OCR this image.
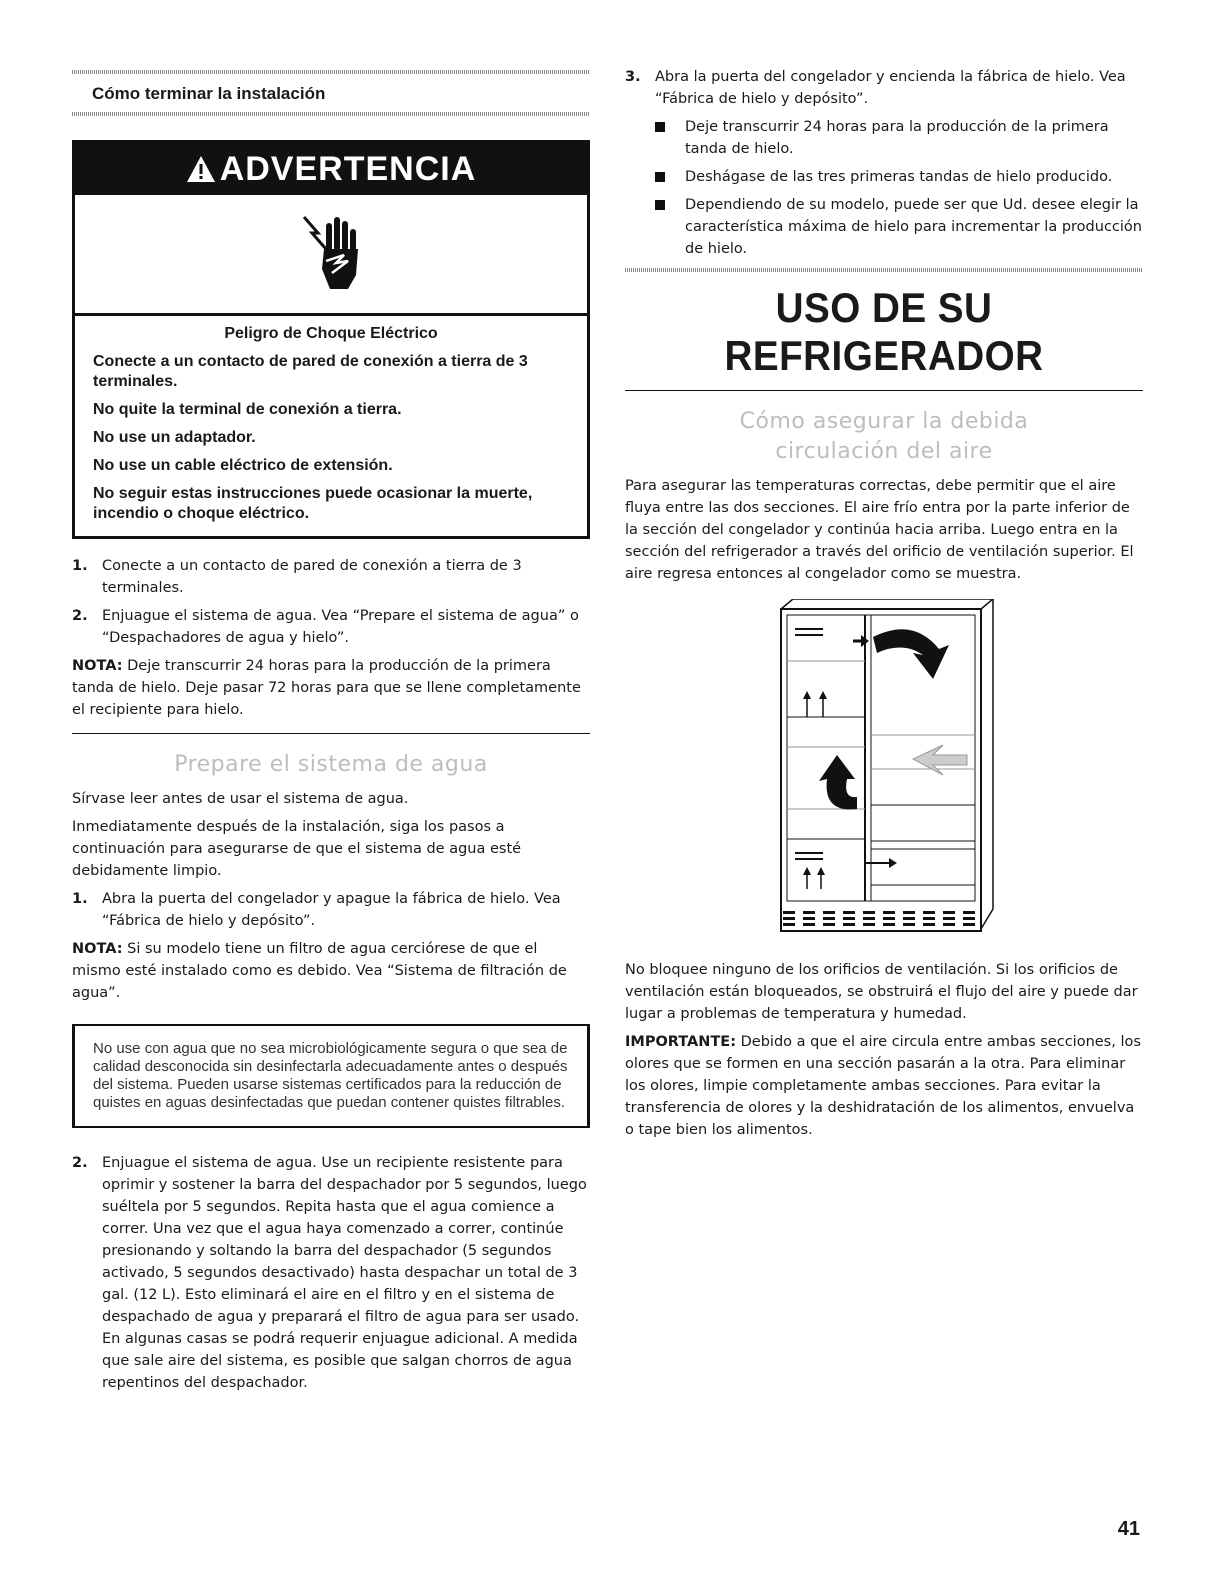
Cómo terminar la instalación
ADVERTENCIA
Peligro de Choque Eléctrico

Conecte a un contacto de pared de conexión a tierra de 3 terminales.

No quite la terminal de conexión a tierra.

No use un adaptador.

No use un cable eléctrico de extensión.

No seguir estas instrucciones puede ocasionar la muerte, incendio o choque eléctrico.

1. Conecte a un contacto de pared de conexión a tierra de 3 terminales.
2. Enjuague el sistema de agua. Vea “Prepare el sistema de agua” o “Despachadores de agua y hielo”.

NOTA: Deje transcurrir 24 horas para la producción de la primera tanda de hielo. Deje pasar 72 horas para que se llene completamente el recipiente para hielo.

Prepare el sistema de agua

Sírvase leer antes de usar el sistema de agua.

Inmediatamente después de la instalación, siga los pasos a continuación para asegurarse de que el sistema de agua esté debidamente limpio.

1. Abra la puerta del congelador y apague la fábrica de hielo. Vea “Fábrica de hielo y depósito”.

NOTA: Si su modelo tiene un filtro de agua cerciórese de que el mismo esté instalado como es debido. Vea “Sistema de filtración de agua”.

No use con agua que no sea microbiológicamente segura o que sea de calidad desconocida sin desinfectarla adecuadamente antes o después del sistema. Pueden usarse sistemas certificados para la reducción de quistes en aguas desinfectadas que puedan contener quistes filtrables.
2. Enjuague el sistema de agua. Use un recipiente resistente para oprimir y sostener la barra del despachador por 5 segundos, luego suéltela por 5 segundos. Repita hasta que el agua comience a correr. Una vez que el agua haya comenzado a correr, continúe presionando y soltando la barra del despachador (5 segundos activado, 5 segundos desactivado) hasta despachar un total de 3 gal. (12 L). Esto eliminará el aire en el filtro y en el sistema de despachado de agua y preparará el filtro de agua para ser usado. En algunas casas se podrá requerir enjuague adicional. A medida que sale aire del sistema, es posible que salgan chorros de agua repentinos del despachador.
3. Abra la puerta del congelador y encienda la fábrica de hielo. Vea “Fábrica de hielo y depósito”.
Deje transcurrir 24 horas para la producción de la primera tanda de hielo.
Deshágase de las tres primeras tandas de hielo producido.
Dependiendo de su modelo, puede ser que Ud. desee elegir la característica máxima de hielo para incrementar la producción de hielo.
USO DE SU REFRIGERADOR
Cómo asegurar la debida
circulación del aire

Para asegurar las temperaturas correctas, debe permitir que el aire fluya entre las dos secciones. El aire frío entra por la parte inferior de la sección del congelador y continúa hacia arriba. Luego entra en la sección del refrigerador a través del orificio de ventilación superior. El aire regresa entonces al congelador como se muestra.

No bloquee ninguno de los orificios de ventilación. Si los orificios de ventilación están bloqueados, se obstruirá el flujo del aire y puede dar lugar a problemas de temperatura y humedad.

IMPORTANTE: Debido a que el aire circula entre ambas secciones, los olores que se formen en una sección pasarán a la otra. Para eliminar los olores, limpie completamente ambas secciones. Para evitar la transferencia de olores y la deshidratación de los alimentos, envuelva o tape bien los alimentos.

41
